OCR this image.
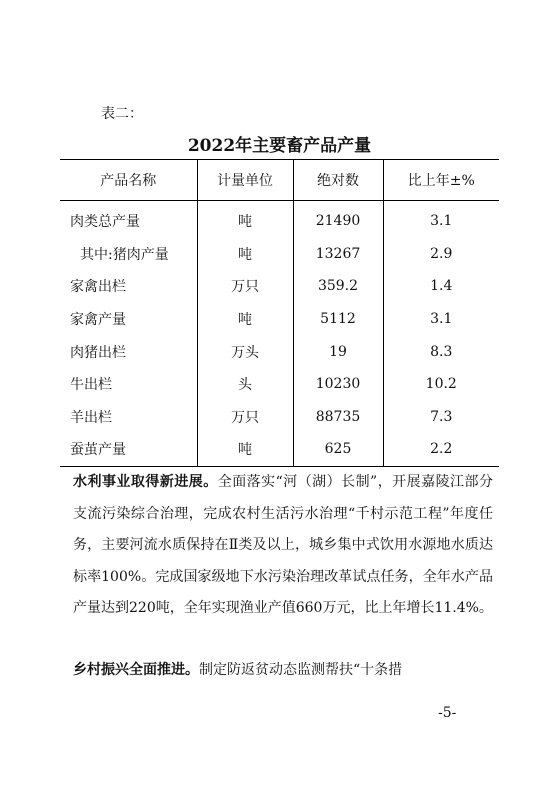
表二：
2022年主要畜产品产量
产品名称	计量单位	绝对数	比上年±%
肉类总产量	吨	21490	3.1
其中:猪肉产量	吨	13267	2.9
家禽出栏	万只	359.2	1.4
家禽产量	吨	5112	3.1
肉猪出栏	万头	19	8.3
牛出栏	头	10230	10.2
羊出栏	万只	88735	7.3
蚕茧产量	吨	625	2.2

水利事业取得新进展。全面落实“河（湖）长制”，开展嘉陵江部分支流污染综合治理，完成农村生活污水治理“千村示范工程”年度任务，主要河流水质保持在Ⅱ类及以上，城乡集中式饮用水源地水质达标率100%。完成国家级地下水污染治理改革试点任务，全年水产品产量达到220吨，全年实现渔业产值660万元，比上年增长11.4%。

乡村振兴全面推进。制定防返贫动态监测帮扶“十条措

-5-
